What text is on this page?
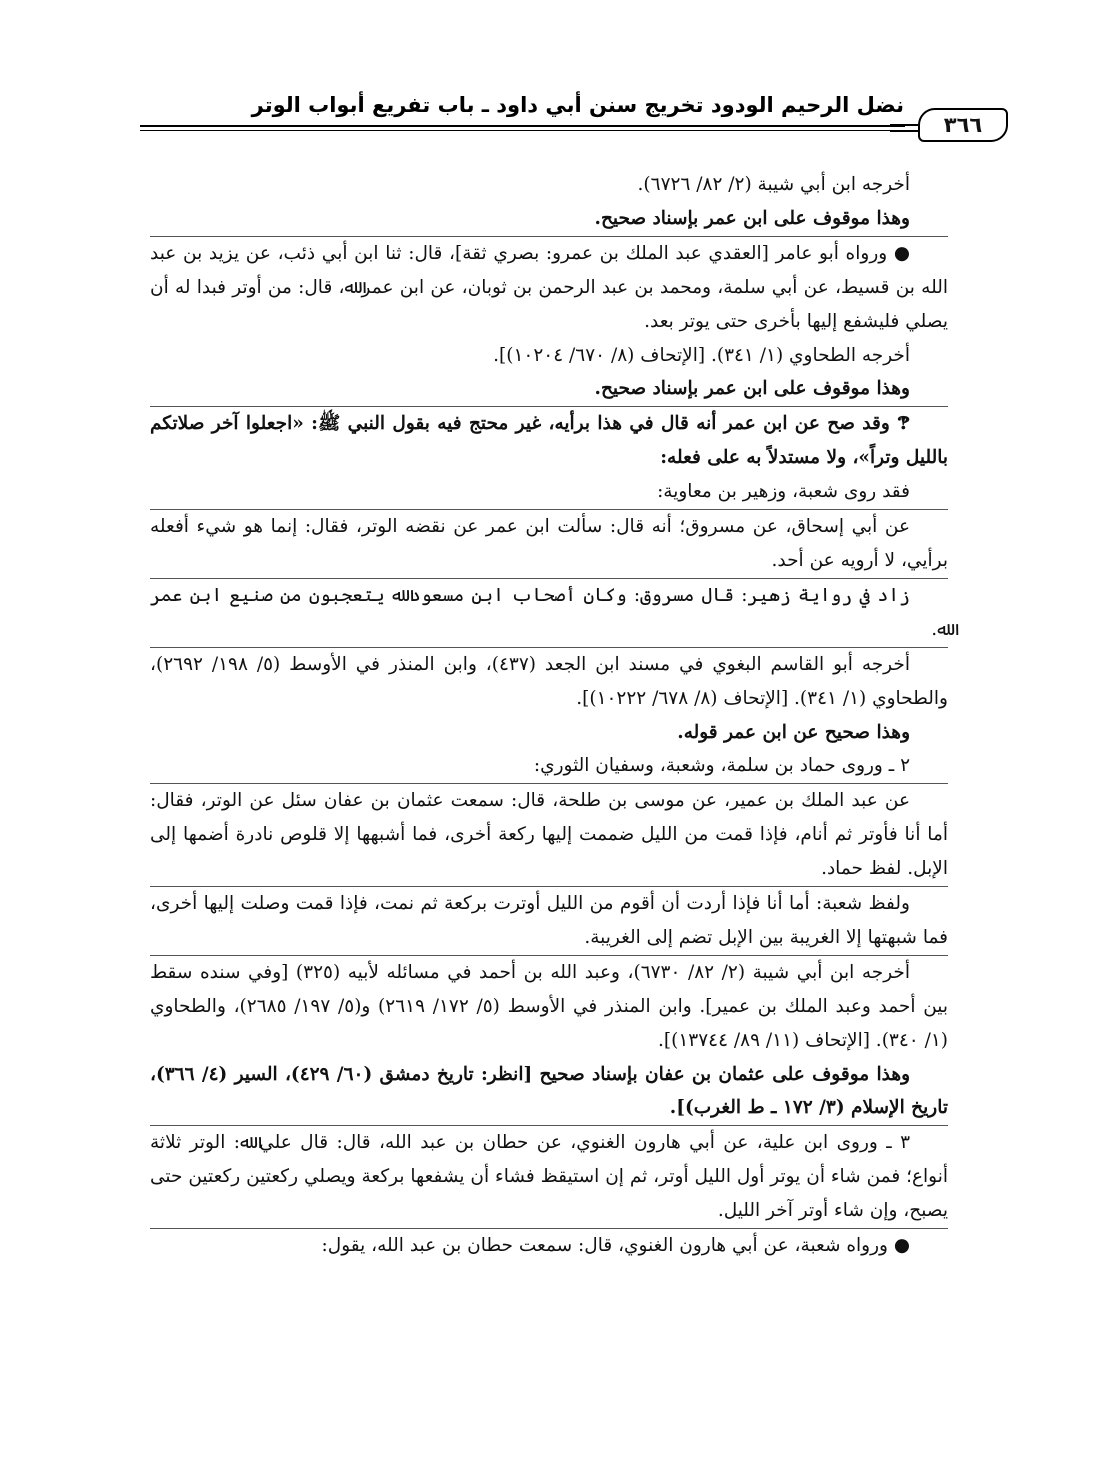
نضل الرحيم الودود تخريج سنن أبي داود ـ باب تفريع أبواب الوتر
٣٦٦

أخرجه ابن أبي شيبة (٢/ ٨٢/ ٦٧٢٦).

وهذا موقوف على ابن عمر بإسناد صحيح.

● ورواه أبو عامر [العقدي عبد الملك بن عمرو: بصري ثقة]، قال: ثنا ابن أبي ذئب، عن يزيد بن عبد الله بن قسيط، عن أبي سلمة، ومحمد بن عبد الرحمن بن ثوبان، عن ابن عمر ﷲ، قال: من أوتر فبدا له أن يصلي فليشفع إليها بأخرى حتى يوتر بعد.

أخرجه الطحاوي (١/ ٣٤١). [الإتحاف (٨/ ٦٧٠/ ١٠٢٠٤)].

وهذا موقوف على ابن عمر بإسناد صحيح.

🙹 وقد صح عن ابن عمر أنه قال في هذا برأيه، غير محتج فيه بقول النبي ﷺ: «اجعلوا آخر صلاتكم بالليل وتراً»، ولا مستدلاً به على فعله:

فقد روى شعبة، وزهير بن معاوية:

عن أبي إسحاق، عن مسروق؛ أنه قال: سألت ابن عمر عن نقضه الوتر، فقال: إنما هو شيء أفعله برأيي، لا أرويه عن أحد.

زاد في رواية زهير: قال مسروق: وكان أصحاب ابن مسعود ﷲ يتعجبون من صنيع ابن عمر ﷲ.

أخرجه أبو القاسم البغوي في مسند ابن الجعد (٤٣٧)، وابن المنذر في الأوسط (٥/ ١٩٨/ ٢٦٩٢)، والطحاوي (١/ ٣٤١). [الإتحاف (٨/ ٦٧٨/ ١٠٢٢٢)].

وهذا صحيح عن ابن عمر قوله.

٢ ـ وروى حماد بن سلمة، وشعبة، وسفيان الثوري:

عن عبد الملك بن عمير، عن موسى بن طلحة، قال: سمعت عثمان بن عفان سئل عن الوتر، فقال: أما أنا فأوتر ثم أنام، فإذا قمت من الليل ضممت إليها ركعة أخرى، فما أشبهها إلا قلوص نادرة أضمها إلى الإبل. لفظ حماد.

ولفظ شعبة: أما أنا فإذا أردت أن أقوم من الليل أوترت بركعة ثم نمت، فإذا قمت وصلت إليها أخرى، فما شبهتها إلا الغريبة بين الإبل تضم إلى الغريبة.

أخرجه ابن أبي شيبة (٢/ ٨٢/ ٦٧٣٠)، وعبد الله بن أحمد في مسائله لأبيه (٣٢٥) [وفي سنده سقط بين أحمد وعبد الملك بن عمير]. وابن المنذر في الأوسط (٥/ ١٧٢/ ٢٦١٩) و(٥/ ١٩٧/ ٢٦٨٥)، والطحاوي (١/ ٣٤٠). [الإتحاف (١١/ ٨٩/ ١٣٧٤٤)].

وهذا موقوف على عثمان بن عفان بإسناد صحيح [انظر: تاريخ دمشق (٦٠/ ٤٢٩)، السير (٤/ ٣٦٦)، تاريخ الإسلام (٣/ ١٧٢ ـ ط الغرب)].

٣ ـ وروى ابن علية، عن أبي هارون الغنوي، عن حطان بن عبد الله، قال: قال علي ﷲ: الوتر ثلاثة أنواع؛ فمن شاء أن يوتر أول الليل أوتر، ثم إن استيقظ فشاء أن يشفعها بركعة ويصلي ركعتين ركعتين حتى يصبح، وإن شاء أوتر آخر الليل.

● ورواه شعبة، عن أبي هارون الغنوي، قال: سمعت حطان بن عبد الله، يقول:
